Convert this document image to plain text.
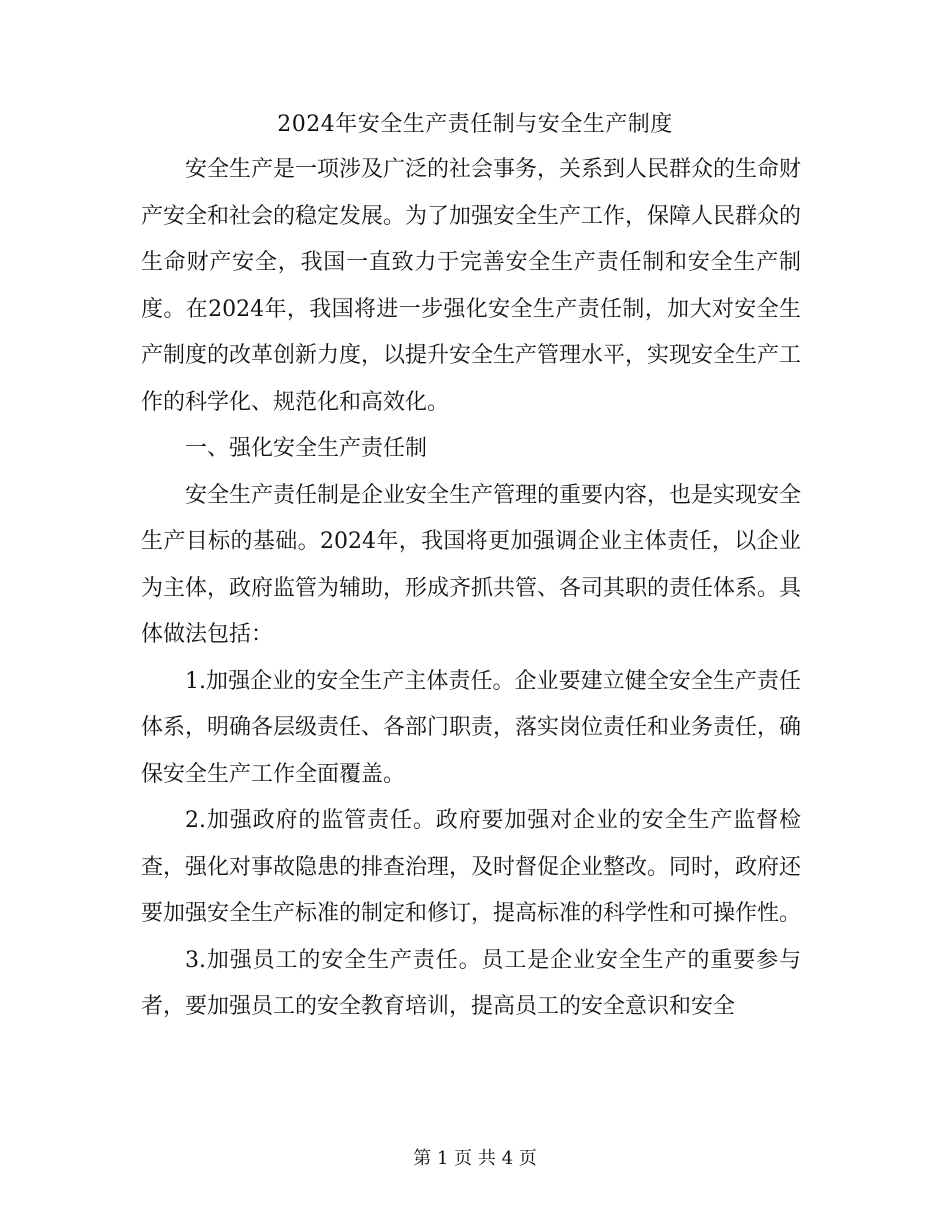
2024年安全生产责任制与安全生产制度

安全生产是一项涉及广泛的社会事务，关系到人民群众的生命财产安全和社会的稳定发展。为了加强安全生产工作，保障人民群众的生命财产安全，我国一直致力于完善安全生产责任制和安全生产制度。在2024年，我国将进一步强化安全生产责任制，加大对安全生产制度的改革创新力度，以提升安全生产管理水平，实现安全生产工作的科学化、规范化和高效化。

一、强化安全生产责任制

安全生产责任制是企业安全生产管理的重要内容，也是实现安全生产目标的基础。2024年，我国将更加强调企业主体责任，以企业为主体，政府监管为辅助，形成齐抓共管、各司其职的责任体系。具体做法包括：

1.加强企业的安全生产主体责任。企业要建立健全安全生产责任体系，明确各层级责任、各部门职责，落实岗位责任和业务责任，确保安全生产工作全面覆盖。

2.加强政府的监管责任。政府要加强对企业的安全生产监督检查，强化对事故隐患的排查治理，及时督促企业整改。同时，政府还要加强安全生产标准的制定和修订，提高标准的科学性和可操作性。

3.加强员工的安全生产责任。员工是企业安全生产的重要参与者，要加强员工的安全教育培训，提高员工的安全意识和安全

第 1 页 共 4 页
